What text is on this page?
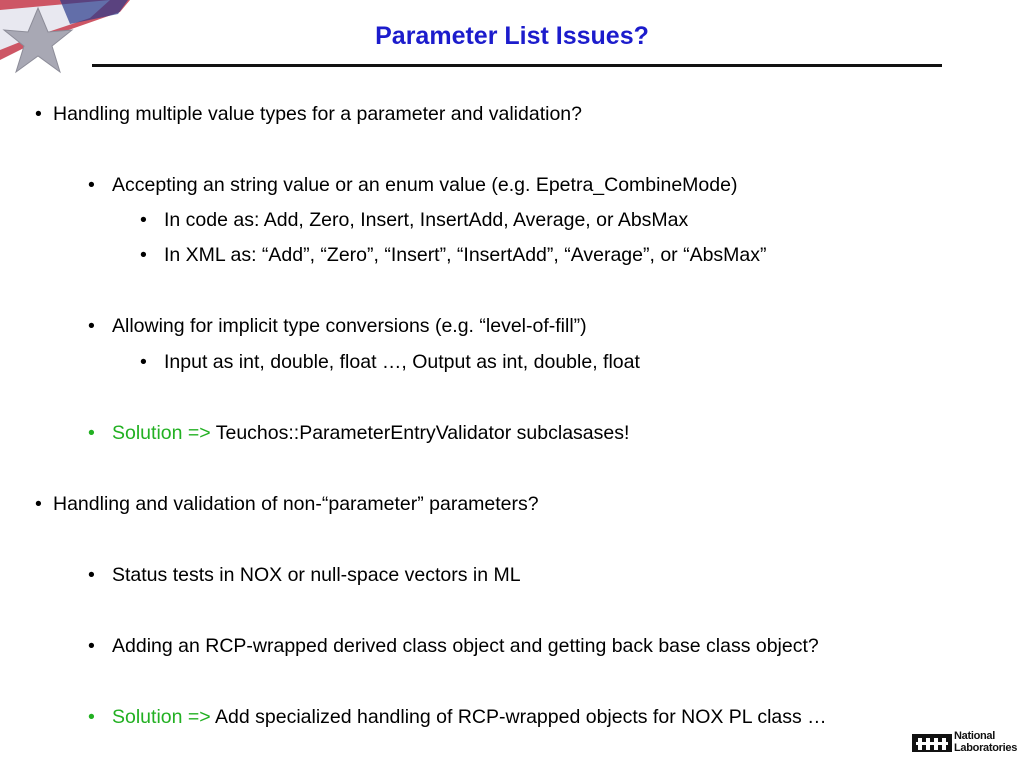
Parameter List Issues?
• Handling multiple value types for a parameter and validation?
• Accepting an string value or an enum value (e.g. Epetra_CombineMode)
• In code as: Add, Zero, Insert, InsertAdd, Average, or AbsMax
• In XML as: “Add”, “Zero”, “Insert”, “InsertAdd”, “Average”, or “AbsMax”
• Allowing for implicit type conversions (e.g. “level-of-fill”)
• Input as int, double, float …, Output as int, double, float
• Solution => Teuchos::ParameterEntryValidator subclasases!
• Handling and validation of non-“parameter” parameters?
• Status tests in NOX or null-space vectors in ML
• Adding an RCP-wrapped derived class object and getting back base class object?
• Solution => Add specialized handling of RCP-wrapped objects for NOX PL class …
National
Laboratories
